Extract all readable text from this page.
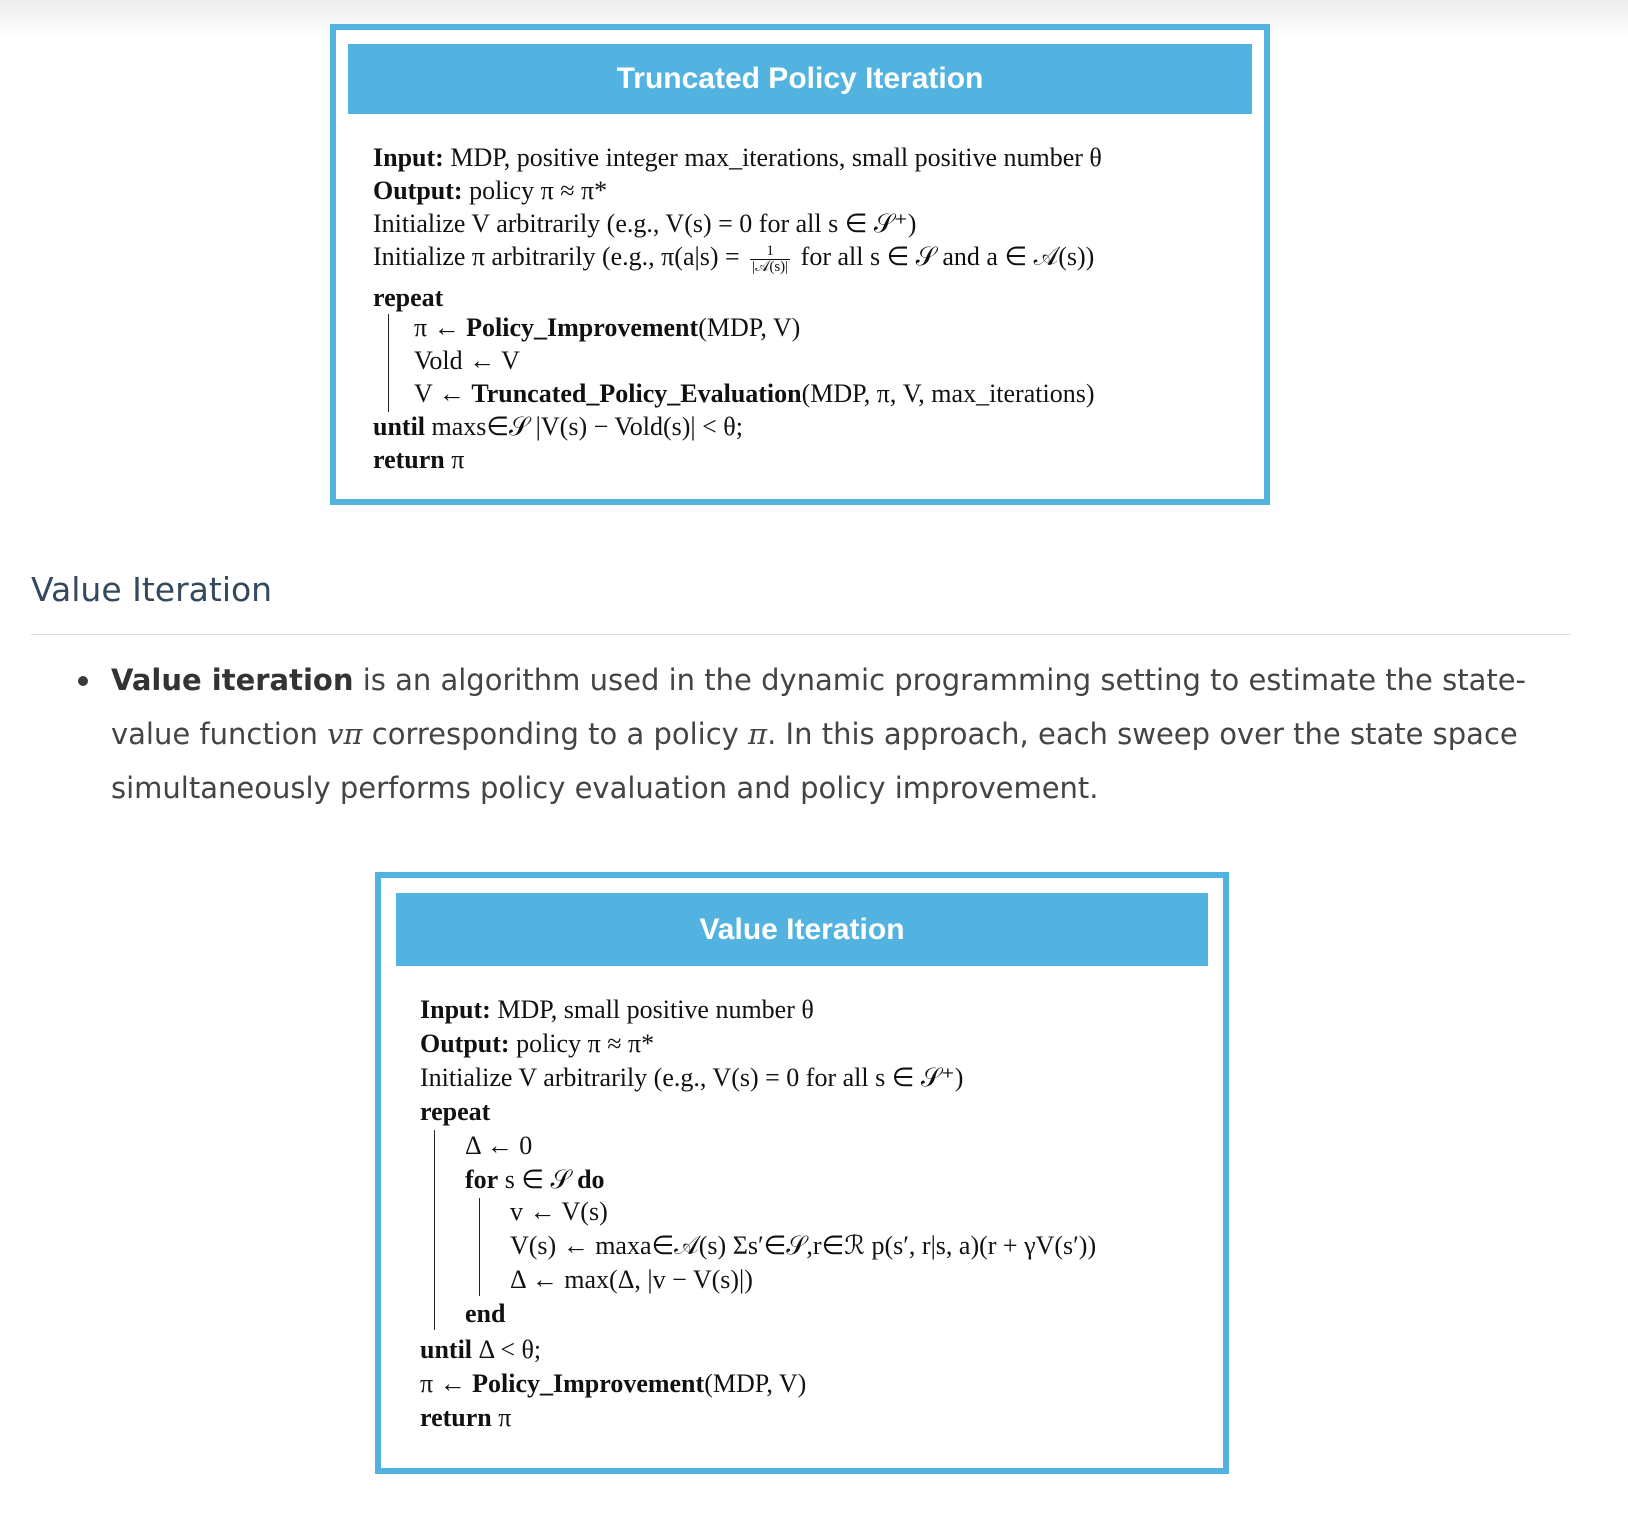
Truncated Policy Iteration
Input: MDP, positive integer max_iterations, small positive number θ
Output: policy π ≈ π*
Initialize V arbitrarily (e.g., V(s) = 0 for all s ∈ 𝒮⁺)
Initialize π arbitrarily (e.g., $\pi(a|s) = \frac{1}{\text{|𝒜(s)|}}$ for all s ∈ 𝒮 and a ∈ 𝒜(s))
repeat
π ← Policy_Improvement(MDP, V)
Vold ← V
V ← Truncated_Policy_Evaluation(MDP, π, V, max_iterations)
until maxs∈𝒮 |V(s) − Vold(s)| < θ;
return π
Value Iteration
Value iteration is an algorithm used in the dynamic programming setting to estimate the state-value function vπ corresponding to a policy π. In this approach, each sweep over the state space simultaneously performs policy evaluation and policy improvement.
Value Iteration
Input: MDP, small positive number θ
Output: policy π ≈ π*
Initialize V arbitrarily (e.g., V(s) = 0 for all s ∈ 𝒮⁺)
repeat
Δ ← 0
for s ∈ 𝒮 do
v ← V(s)
V(s) ← maxa∈𝒜(s) Σs′∈𝒮,r∈ℛ p(s′, r|s, a)(r + γV(s′))
Δ ← max(Δ, |v − V(s)|)
end
until Δ < θ;
π ← Policy_Improvement(MDP, V)
return π
